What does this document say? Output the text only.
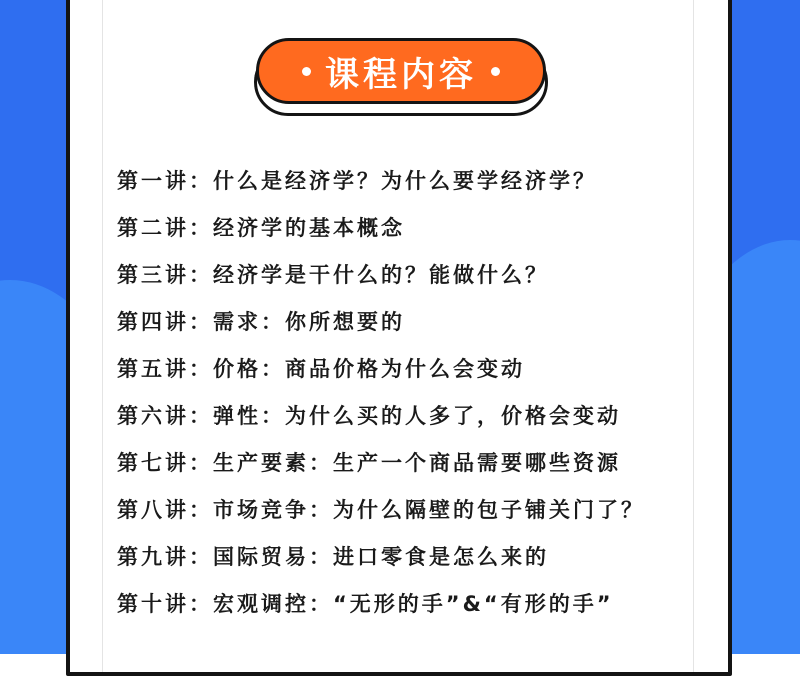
课程内容
第一讲：什么是经济学？为什么要学经济学？
第二讲：经济学的基本概念
第三讲：经济学是干什么的？能做什么？
第四讲：需求：你所想要的
第五讲：价格：商品价格为什么会变动
第六讲：弹性：为什么买的人多了，价格会变动
第七讲：生产要素：生产一个商品需要哪些资源
第八讲：市场竞争：为什么隔壁的包子铺关门了？
第九讲：国际贸易：进口零食是怎么来的
第十讲：宏观调控：“无形的手”&“有形的手”
